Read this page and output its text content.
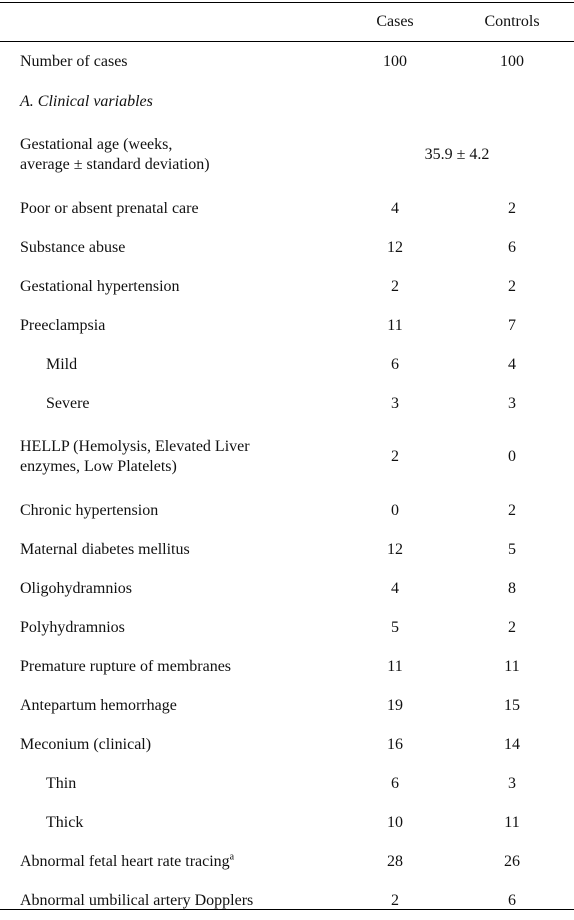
	Cases	Controls
Number of cases	100	100
A. Clinical variables		
Gestational age (weeks,
average ± standard deviation)	35.9 ± 4.2	
Poor or absent prenatal care	4	2
Substance abuse	12	6
Gestational hypertension	2	2
Preeclampsia	11	7
Mild	6	4
Severe	3	3
HELLP (Hemolysis, Elevated Liver
enzymes, Low Platelets)	2	0
Chronic hypertension	0	2
Maternal diabetes mellitus	12	5
Oligohydramnios	4	8
Polyhydramnios	5	2
Premature rupture of membranes	11	11
Antepartum hemorrhage	19	15
Meconium (clinical)	16	14
Thin	6	3
Thick	10	11
Abnormal fetal heart rate tracing$^a$	28	26
Abnormal umbilical artery Dopplers	2	6
